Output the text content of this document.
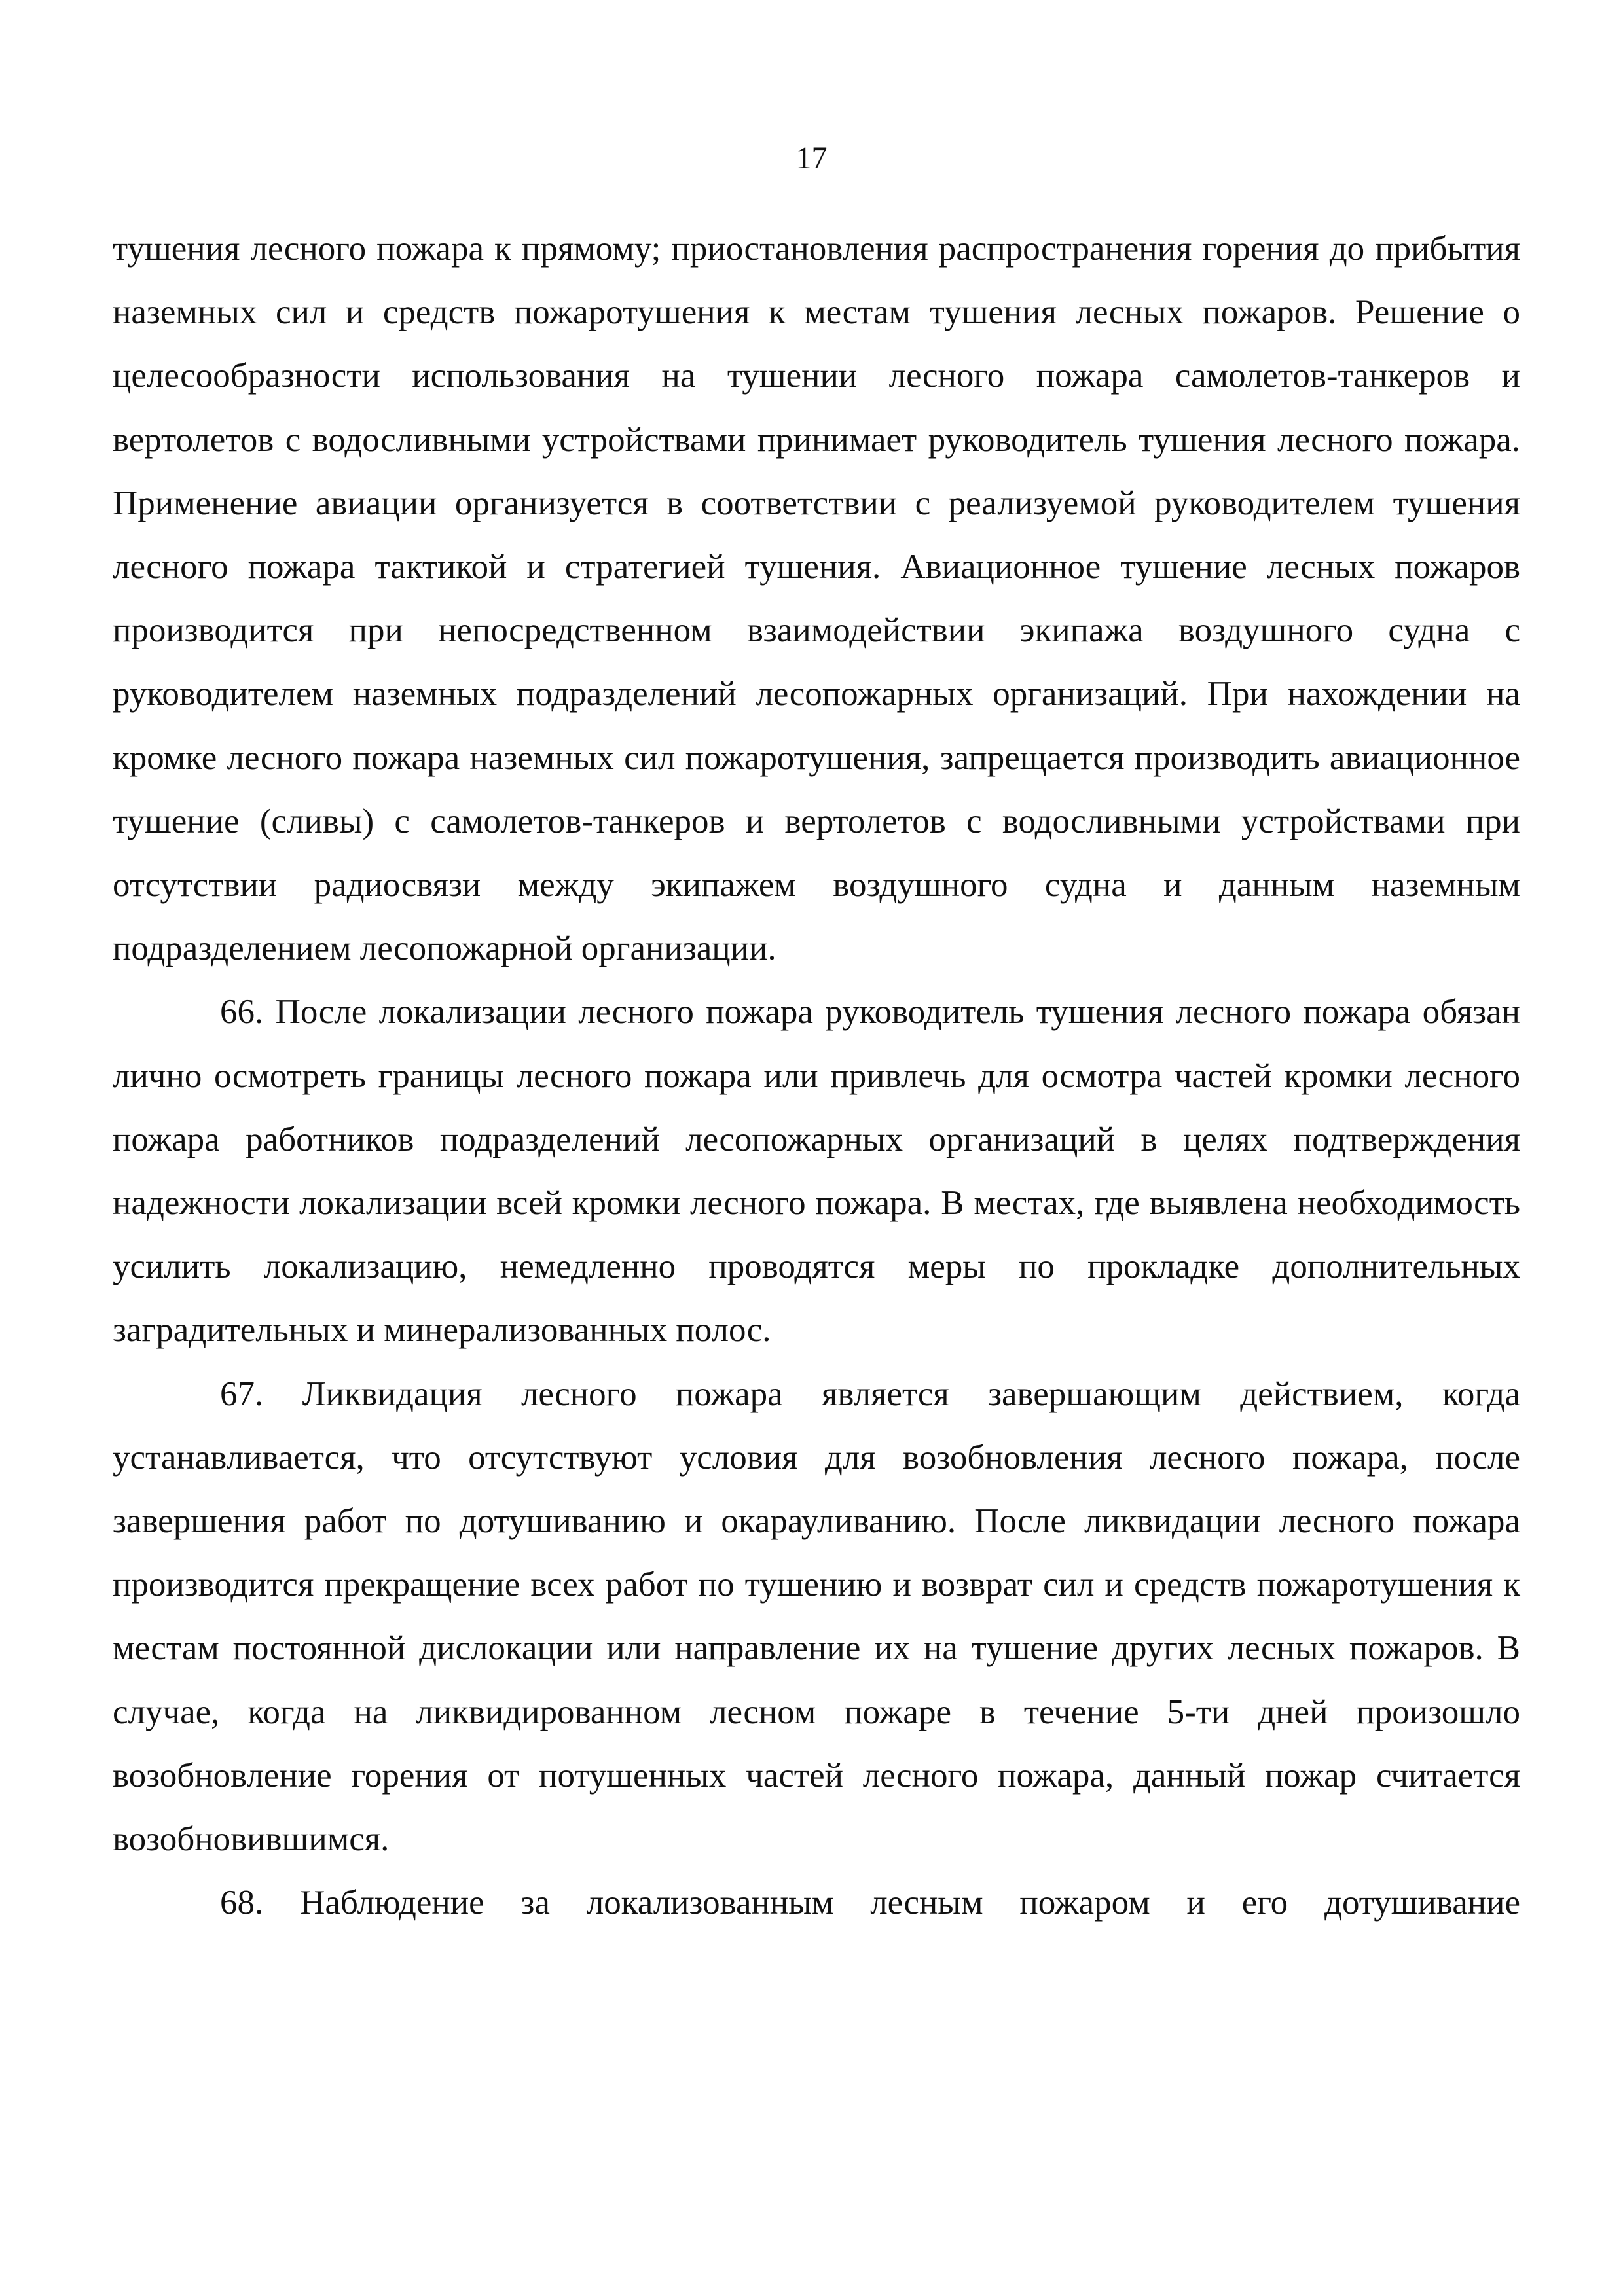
17

тушения лесного пожара к прямому; приостановления распространения горения до прибытия наземных сил и средств пожаротушения к местам тушения лесных пожаров. Решение о целесообразности использования на тушении лесного пожара самолетов-танкеров и вертолетов с водосливными устройствами принимает руководитель тушения лесного пожара. Применение авиации организуется в соответствии с реализуемой руководителем тушения лесного пожара тактикой и стратегией тушения. Авиационное тушение лесных пожаров производится при непосредственном взаимодействии экипажа воздушного судна с руководителем наземных подразделений лесопожарных организаций. При нахождении на кромке лесного пожара наземных сил пожаротушения, запрещается производить авиационное тушение (сливы) с самолетов-танкеров и вертолетов с водосливными устройствами при отсутствии радиосвязи между экипажем воздушного судна и данным наземным подразделением лесопожарной организации.

66. После локализации лесного пожара руководитель тушения лесного пожара обязан лично осмотреть границы лесного пожара или привлечь для осмотра частей кромки лесного пожара работников подразделений лесопожарных организаций в целях подтверждения надежности локализации всей кромки лесного пожара. В местах, где выявлена необходимость усилить локализацию, немедленно проводятся меры по прокладке дополнительных заградительных и минерализованных полос.

67. Ликвидация лесного пожара является завершающим действием, когда устанавливается, что отсутствуют условия для возобновления лесного пожара, после завершения работ по дотушиванию и окарауливанию. После ликвидации лесного пожара производится прекращение всех работ по тушению и возврат сил и средств пожаротушения к местам постоянной дислокации или направление их на тушение других лесных пожаров. В случае, когда на ликвидированном лесном пожаре в течение 5-ти дней произошло возобновление горения от потушенных частей лесного пожара, данный пожар считается возобновившимся.

68. Наблюдение за локализованным лесным пожаром и его дотушивание
